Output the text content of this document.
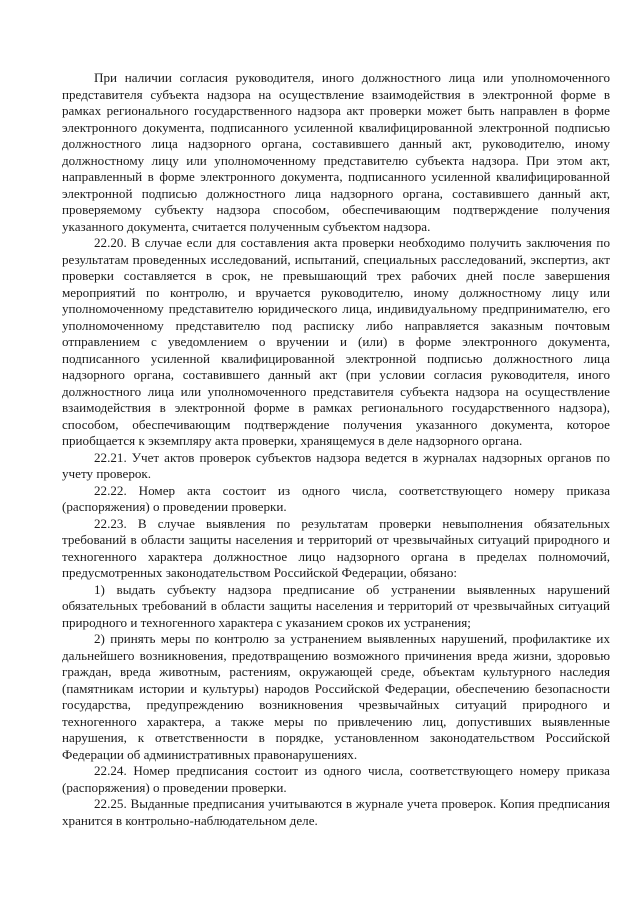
При наличии согласия руководителя, иного должностного лица или уполномоченного представителя субъекта надзора на осуществление взаимодействия в электронной форме в рамках регионального государственного надзора акт проверки может быть направлен в форме электронного документа, подписанного усиленной квалифицированной электронной подписью должностного лица надзорного органа, составившего данный акт, руководителю, иному должностному лицу или уполномоченному представителю субъекта надзора. При этом акт, направленный в форме электронного документа, подписанного усиленной квалифицированной электронной подписью должностного лица надзорного органа, составившего данный акт, проверяемому субъекту надзора способом, обеспечивающим подтверждение получения указанного документа, считается полученным субъектом надзора.

22.20. В случае если для составления акта проверки необходимо получить заключения по результатам проведенных исследований, испытаний, специальных расследований, экспертиз, акт проверки составляется в срок, не превышающий трех рабочих дней после завершения мероприятий по контролю, и вручается руководителю, иному должностному лицу или уполномоченному представителю юридического лица, индивидуальному предпринимателю, его уполномоченному представителю под расписку либо направляется заказным почтовым отправлением с уведомлением о вручении и (или) в форме электронного документа, подписанного усиленной квалифицированной электронной подписью должностного лица надзорного органа, составившего данный акт (при условии согласия руководителя, иного должностного лица или уполномоченного представителя субъекта надзора на осуществление взаимодействия в электронной форме в рамках регионального государственного надзора), способом, обеспечивающим подтверждение получения указанного документа, которое приобщается к экземпляру акта проверки, хранящемуся в деле надзорного органа.

22.21. Учет актов проверок субъектов надзора ведется в журналах надзорных органов по учету проверок.

22.22. Номер акта состоит из одного числа, соответствующего номеру приказа (распоряжения) о проведении проверки.

22.23. В случае выявления по результатам проверки невыполнения обязательных требований в области защиты населения и территорий от чрезвычайных ситуаций природного и техногенного характера должностное лицо надзорного органа в пределах полномочий, предусмотренных законодательством Российской Федерации, обязано:

1) выдать субъекту надзора предписание об устранении выявленных нарушений обязательных требований в области защиты населения и территорий от чрезвычайных ситуаций природного и техногенного характера с указанием сроков их устранения;

2) принять меры по контролю за устранением выявленных нарушений, профилактике их дальнейшего возникновения, предотвращению возможного причинения вреда жизни, здоровью граждан, вреда животным, растениям, окружающей среде, объектам культурного наследия (памятникам истории и культуры) народов Российской Федерации, обеспечению безопасности государства, предупреждению возникновения чрезвычайных ситуаций природного и техногенного характера, а также меры по привлечению лиц, допустивших выявленные нарушения, к ответственности в порядке, установленном законодательством Российской Федерации об административных правонарушениях.

22.24. Номер предписания состоит из одного числа, соответствующего номеру приказа (распоряжения) о проведении проверки.

22.25. Выданные предписания учитываются в журнале учета проверок. Копия предписания хранится в контрольно-наблюдательном деле.
